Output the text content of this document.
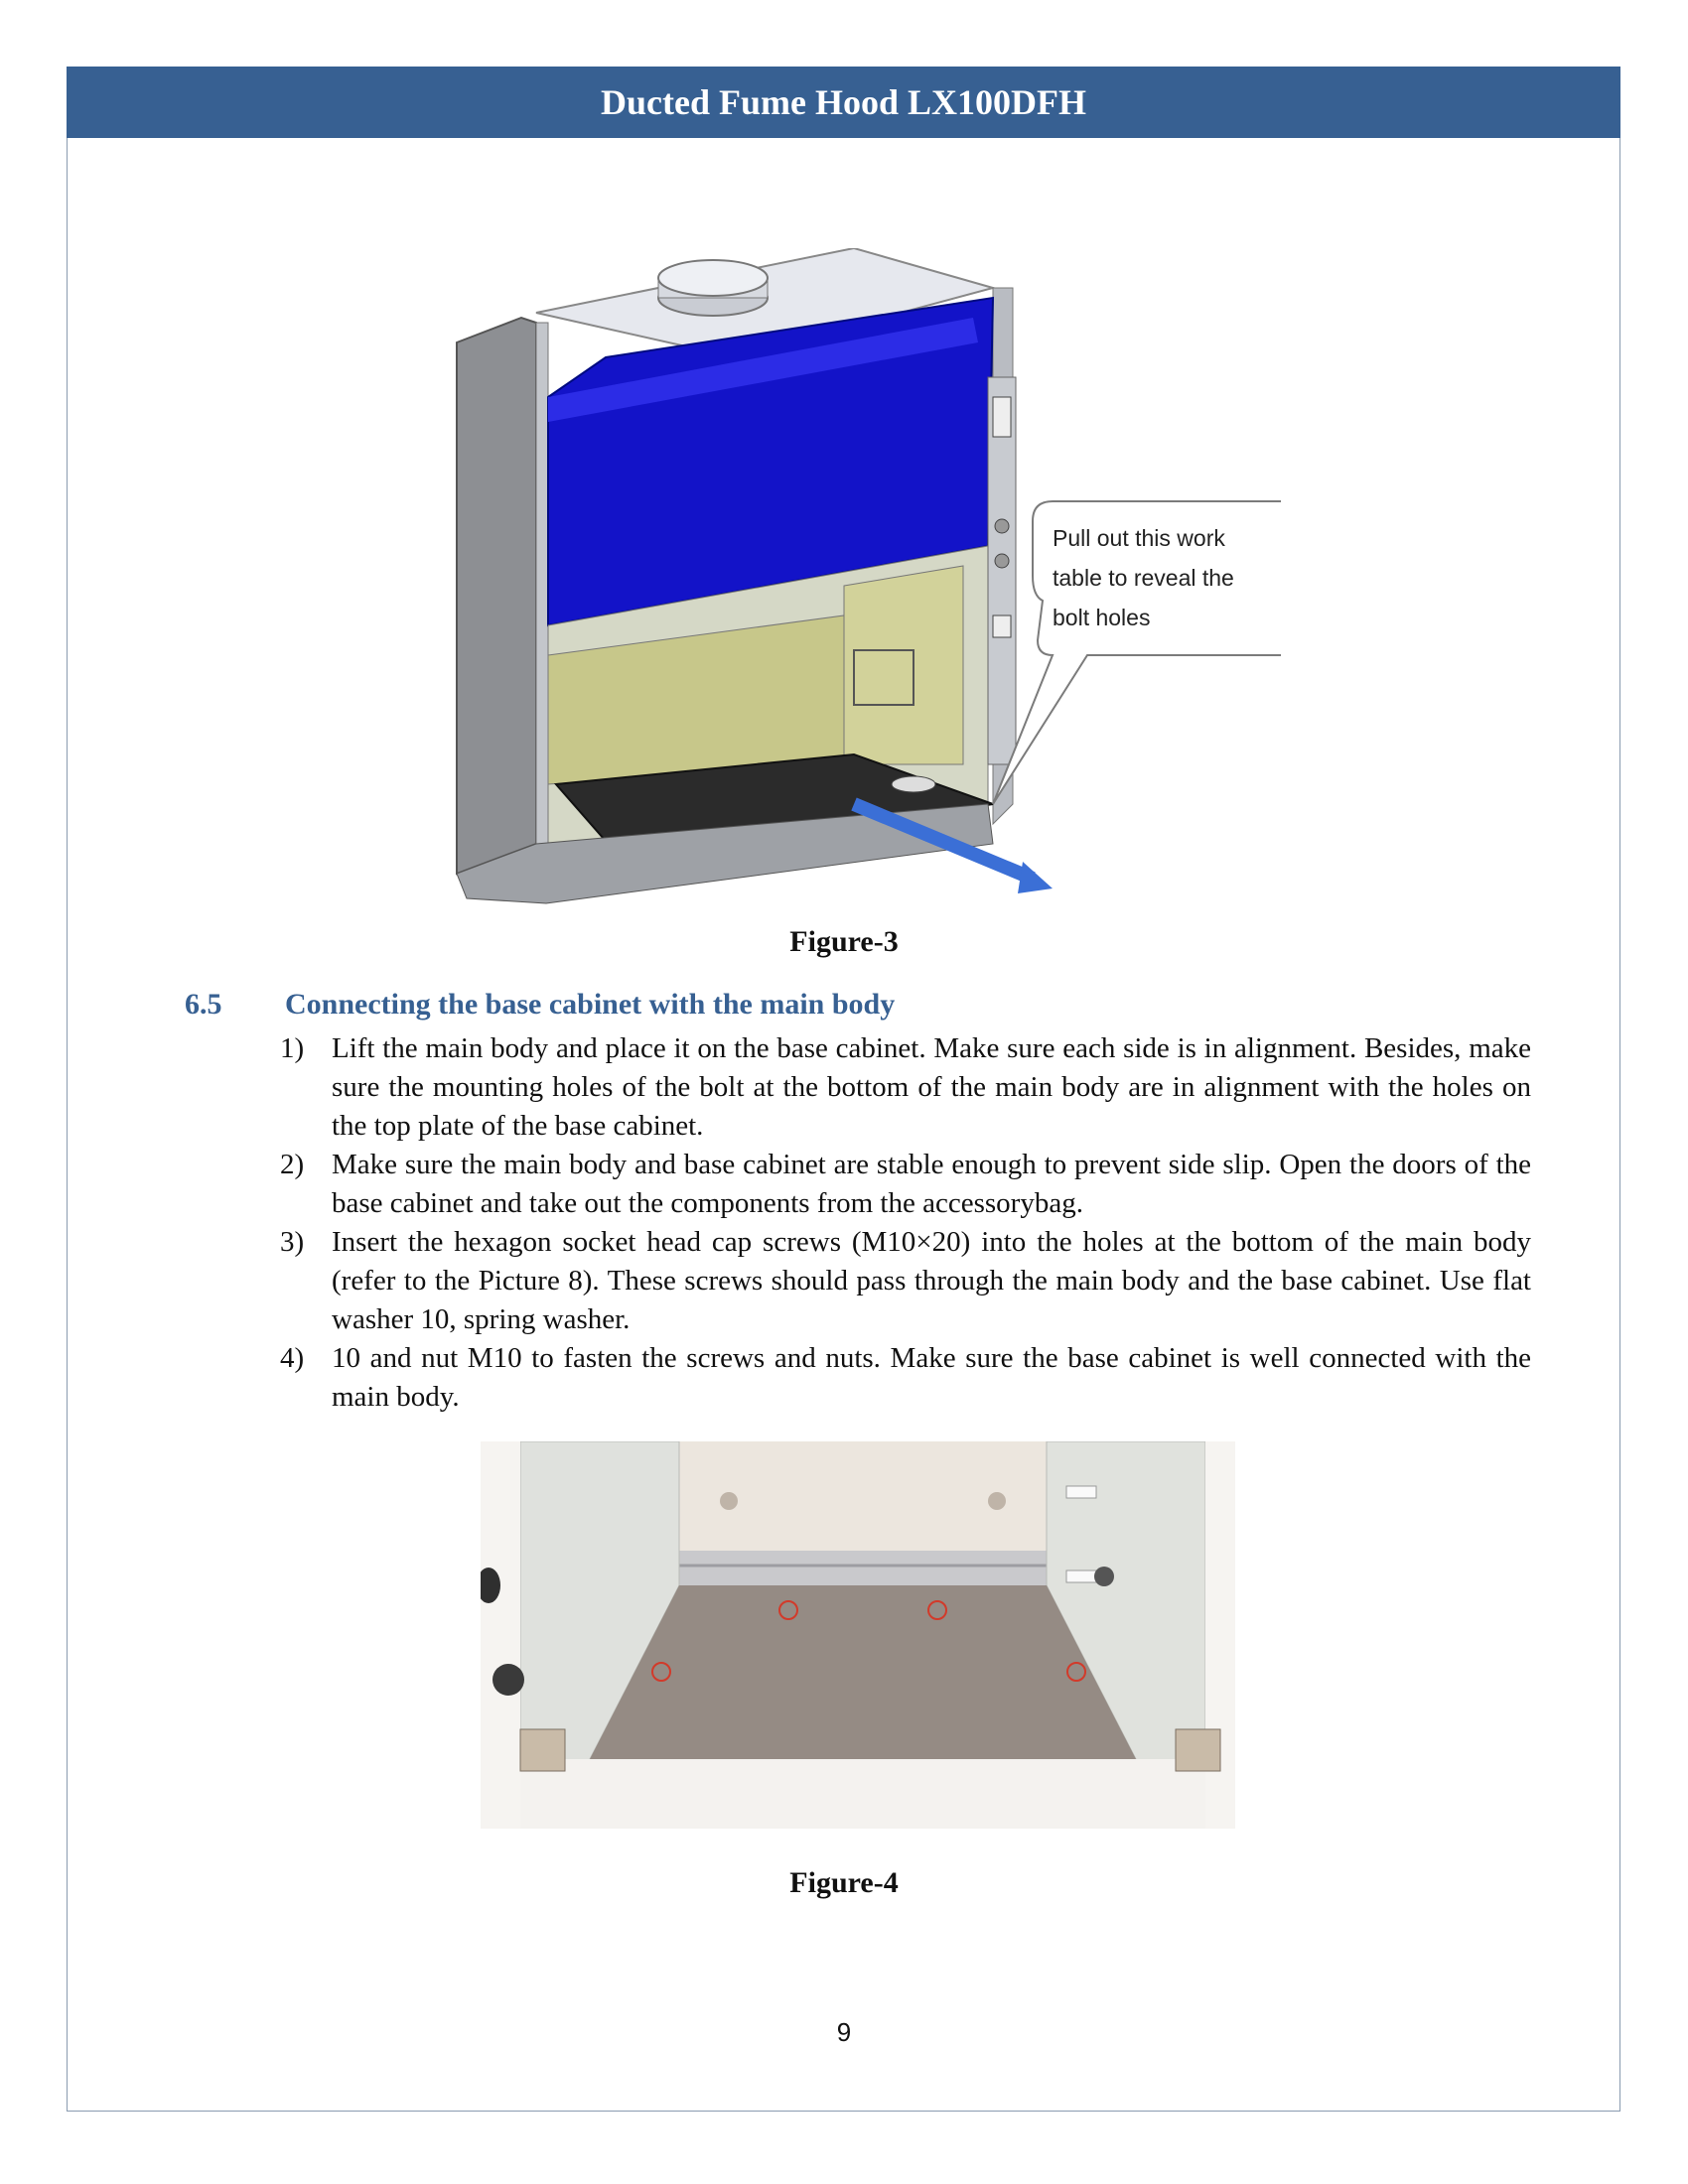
Ducted Fume Hood LX100DFH
Pull out this work
table to reveal the
bolt holes
Figure-3
6.5 Connecting the base cabinet with the main body
1) Lift the main body and place it on the base cabinet. Make sure each side is in alignment. Besides, make sure the mounting holes of the bolt at the bottom of the main body are in alignment with the holes on the top plate of the base cabinet.
2) Make sure the main body and base cabinet are stable enough to prevent side slip. Open the doors of the base cabinet and take out the components from the accessorybag.
3) Insert the hexagon socket head cap screws (M10×20) into the holes at the bottom of the main body (refer to the Picture 8). These screws should pass through the main body and the base cabinet. Use flat washer 10, spring washer.
4) 10 and nut M10 to fasten the screws and nuts. Make sure the base cabinet is well connected with the main body.
Figure-4
9
